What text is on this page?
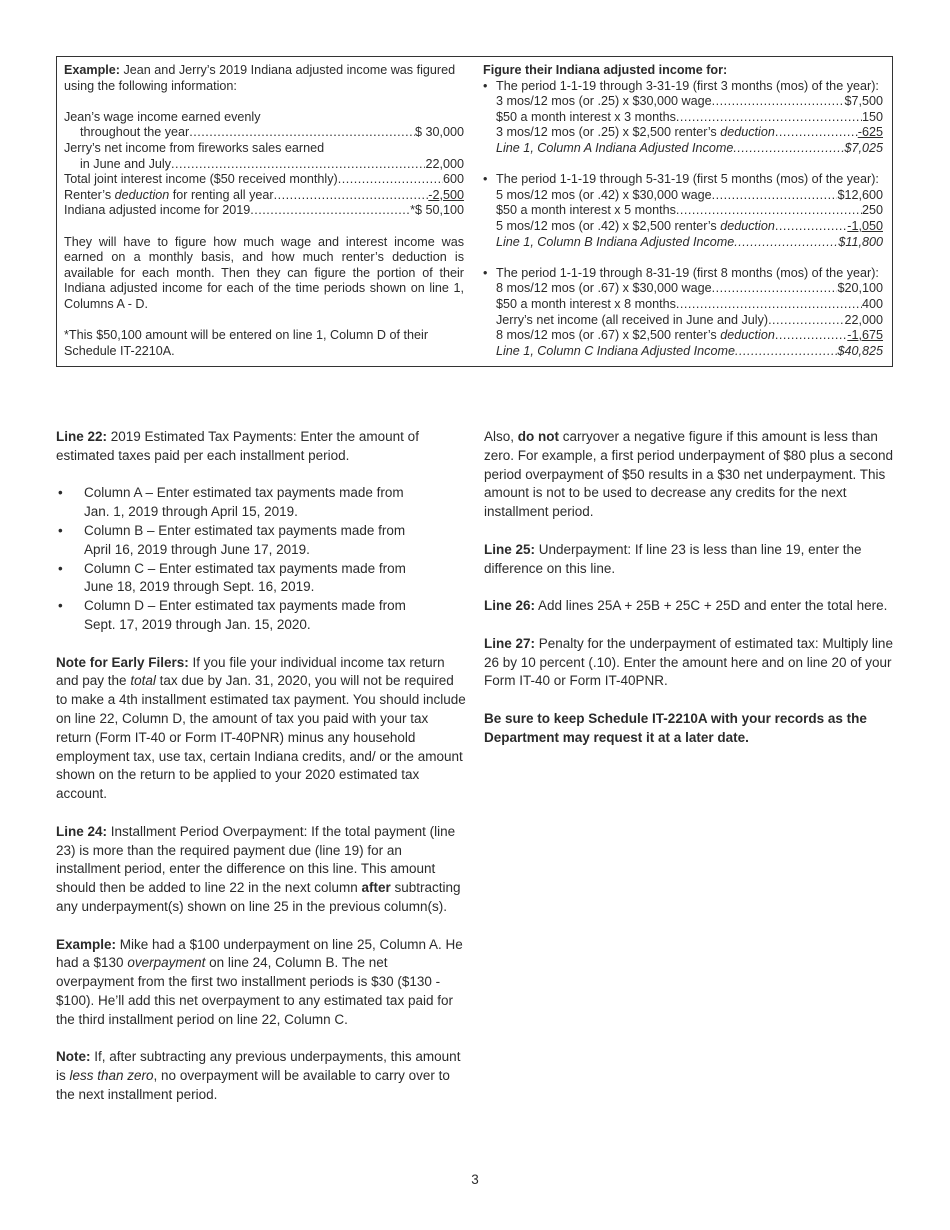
Example: Jean and Jerry’s 2019 Indiana adjusted income was figured using the following information:
Jean’s wage income earned evenly
throughout the year .....	$ 30,000
Jerry’s net income from fireworks sales earned
in June and July .....	22,000
Total joint interest income ($50 received monthly) .....	600
Renter’s deduction for renting all year .....	-2,500
Indiana adjusted income for 2019 .....	*$ 50,100
They will have to figure how much wage and interest income was earned on a monthly basis, and how much renter’s deduction is available for each month. Then they can figure the portion of their Indiana adjusted income for each of the time periods shown on line 1, Columns A - D.
*This $50,100 amount will be entered on line 1, Column D of their Schedule IT-2210A.
Figure their Indiana adjusted income for:
• The period 1-1-19 through 3-31-19 (first 3 months (mos) of the year):
3 mos/12 mos (or .25) x $30,000 wage .....	$7,500
$50 a month interest x 3 months .....	150
3 mos/12 mos (or .25) x $2,500 renter’s deduction .....	-625
Line 1, Column A Indiana Adjusted Income .....	$7,025
• The period 1-1-19 through 5-31-19 (first 5 months (mos) of the year):
5 mos/12 mos (or .42) x $30,000 wage .....	$12,600
$50 a month interest x 5 months .....	250
5 mos/12 mos (or .42) x $2,500 renter’s deduction .....	-1,050
Line 1, Column B Indiana Adjusted Income .....	$11,800
• The period 1-1-19 through 8-31-19 (first 8 months (mos) of the year):
8 mos/12 mos (or .67) x $30,000 wage .....	$20,100
$50 a month interest x 8 months .....	400
Jerry’s net income (all received in June and July) .....	22,000
8 mos/12 mos (or .67) x $2,500 renter’s deduction .....	-1,675
Line 1, Column C Indiana Adjusted Income .....	$40,825

Line 22: 2019 Estimated Tax Payments: Enter the amount of estimated taxes paid per each installment period.

• Column A – Enter estimated tax payments made from
Jan. 1, 2019 through April 15, 2019.
• Column B – Enter estimated tax payments made from
April 16, 2019 through June 17, 2019.
• Column C – Enter estimated tax payments made from
June 18, 2019 through Sept. 16, 2019.
• Column D – Enter estimated tax payments made from
Sept. 17, 2019 through Jan. 15, 2020.

Note for Early Filers: If you file your individual income tax return and pay the total tax due by Jan. 31, 2020, you will not be required to make a 4th installment estimated tax payment. You should include on line 22, Column D, the amount of tax you paid with your tax return (Form IT-40 or Form IT-40PNR) minus any household employment tax, use tax, certain Indiana credits, and/ or the amount shown on the return to be applied to your 2020 estimated tax account.

Line 24: Installment Period Overpayment: If the total payment (line 23) is more than the required payment due (line 19) for an installment period, enter the difference on this line. This amount should then be added to line 22 in the next column after subtracting any underpayment(s) shown on line 25 in the previous column(s).

Example: Mike had a $100 underpayment on line 25, Column A. He had a $130 overpayment on line 24, Column B. The net overpayment from the first two installment periods is $30 ($130 - $100). He’ll add this net overpayment to any estimated tax paid for the third installment period on line 22, Column C.

Note: If, after subtracting any previous underpayments, this amount is less than zero, no overpayment will be available to carry over to the next installment period.

Also, do not carryover a negative figure if this amount is less than zero. For example, a first period underpayment of $80 plus a second period overpayment of $50 results in a $30 net underpayment. This amount is not to be used to decrease any credits for the next installment period.

Line 25: Underpayment: If line 23 is less than line 19, enter the difference on this line.

Line 26: Add lines 25A + 25B + 25C + 25D and enter the total here.

Line 27: Penalty for the underpayment of estimated tax: Multiply line 26 by 10 percent (.10). Enter the amount here and on line 20 of your Form IT-40 or Form IT-40PNR.

Be sure to keep Schedule IT-2210A with your records as the Department may request it at a later date.

3
